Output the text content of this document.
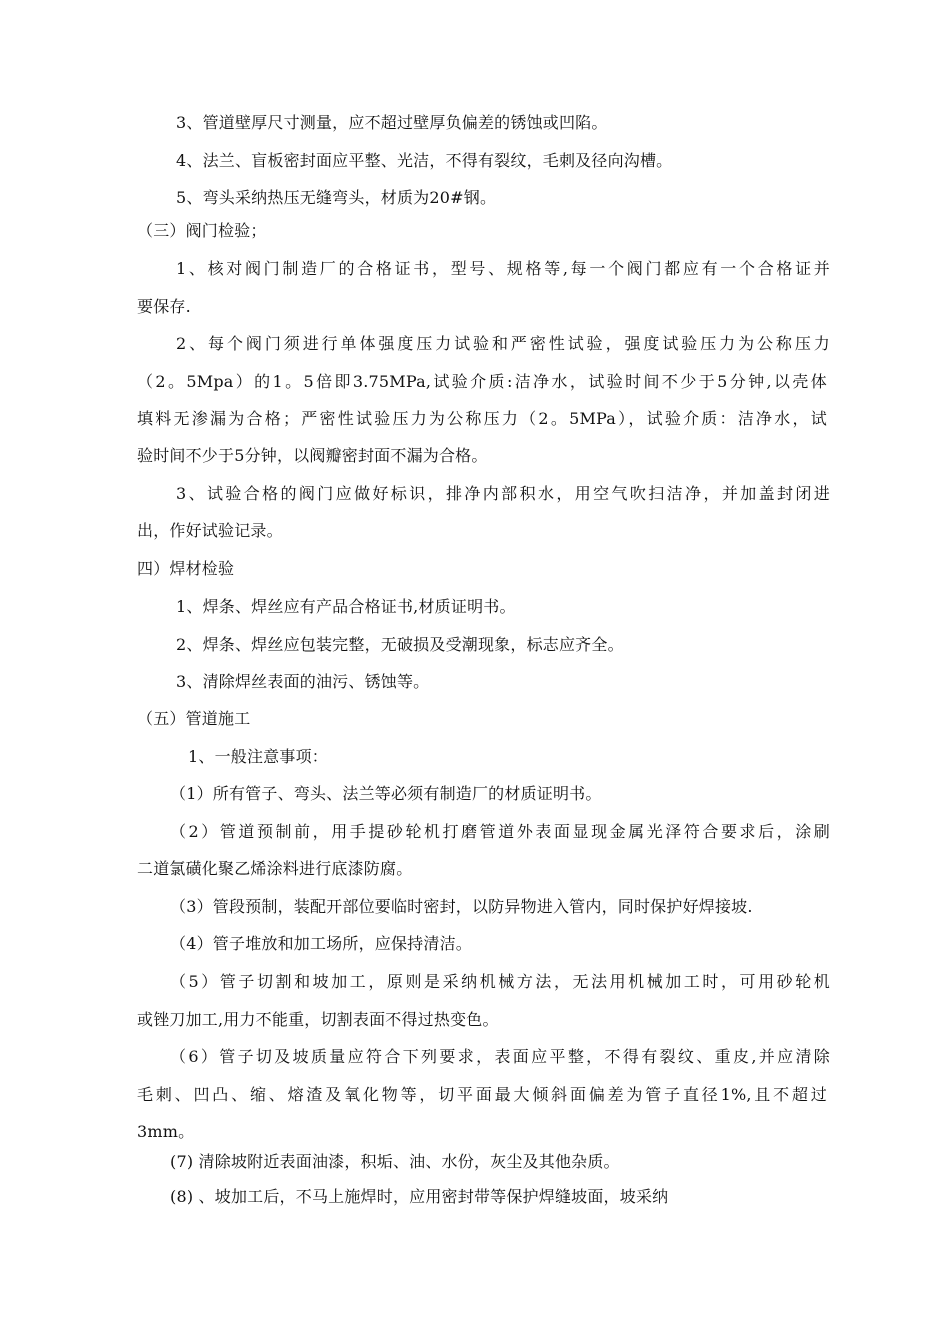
3、管道壁厚尺寸测量，应不超过壁厚负偏差的锈蚀或凹陷。
4、法兰、盲板密封面应平整、光洁，不得有裂纹，毛刺及径向沟槽。
5、弯头采纳热压无缝弯头，材质为20#钢。
（三）阀门检验；
1、核对阀门制造厂的合格证书，型号、规格等,每一个阀门都应有一个合格证并
要保存.
2、每个阀门须进行单体强度压力试验和严密性试验，强度试验压力为公称压力
（2。5Mpa）的1。5倍即3.75MPa,试验介质:洁净水，试验时间不少于5分钟,以壳体
填料无渗漏为合格；严密性试验压力为公称压力（2。5MPa），试验介质：洁净水，试
验时间不少于5分钟，以阀瓣密封面不漏为合格。
3、试验合格的阀门应做好标识，排净内部积水，用空气吹扫洁净，并加盖封闭进
出，作好试验记录。
四）焊材检验
1、焊条、焊丝应有产品合格证书,材质证明书。
2、焊条、焊丝应包装完整，无破损及受潮现象，标志应齐全。
3、清除焊丝表面的油污、锈蚀等。
（五）管道施工
1、一般注意事项：
（1）所有管子、弯头、法兰等必须有制造厂的材质证明书。
（2）管道预制前，用手提砂轮机打磨管道外表面显现金属光泽符合要求后，涂刷
二道氯磺化聚乙烯涂料进行底漆防腐。
（3）管段预制，装配开部位要临时密封，以防异物进入管内，同时保护好焊接坡.
（4）管子堆放和加工场所，应保持清洁。
（5）管子切割和坡加工，原则是采纳机械方法，无法用机械加工时，可用砂轮机
或锉刀加工,用力不能重，切割表面不得过热变色。
（6）管子切及坡质量应符合下列要求，表面应平整，不得有裂纹、重皮,并应清除
毛刺、凹凸、缩、熔渣及氧化物等，切平面最大倾斜面偏差为管子直径1%,且不超过
3mm。
(7) 清除坡附近表面油漆，积垢、油、水份，灰尘及其他杂质。
(8) 、坡加工后，不马上施焊时，应用密封带等保护焊缝坡面，坡采纳
